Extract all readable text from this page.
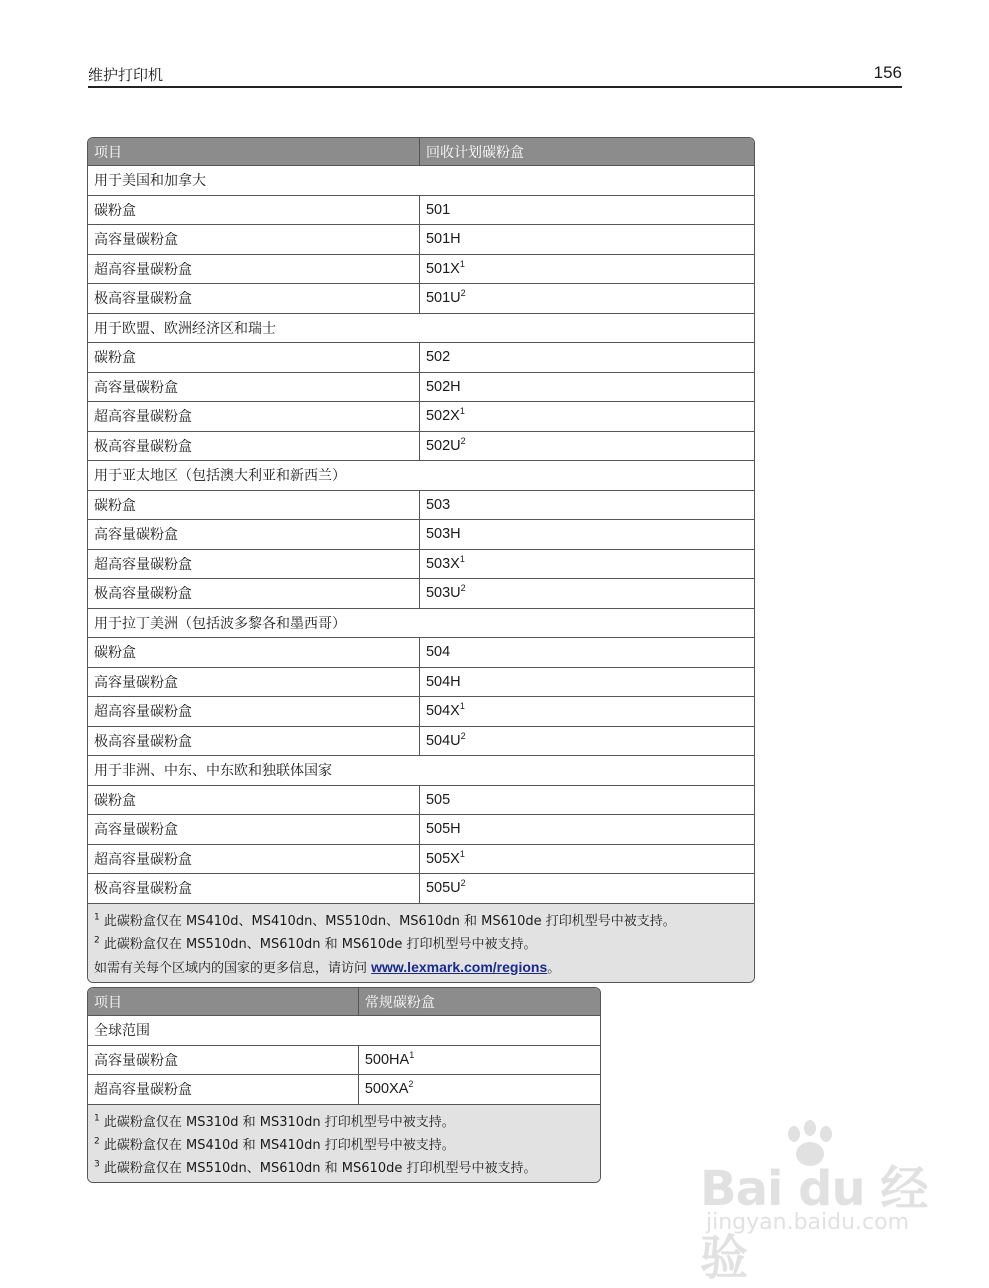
维护打印机	156
项目	回收计划碳粉盒
用于美国和加拿大	
碳粉盒	501
高容量碳粉盒	501H
超高容量碳粉盒	$501X^1$
极高容量碳粉盒	$501U^2$
用于欧盟、欧洲经济区和瑞士	
碳粉盒	502
高容量碳粉盒	502H
超高容量碳粉盒	$502X^1$
极高容量碳粉盒	$502U^2$
用于亚太地区（包括澳大利亚和新西兰）	
碳粉盒	503
高容量碳粉盒	503H
超高容量碳粉盒	$503X^1$
极高容量碳粉盒	$503U^2$
用于拉丁美洲（包括波多黎各和墨西哥）	
碳粉盒	504
高容量碳粉盒	504H
超高容量碳粉盒	$504X^1$
极高容量碳粉盒	$504U^2$
用于非洲、中东、中东欧和独联体国家	
碳粉盒	505
高容量碳粉盒	505H
超高容量碳粉盒	$505X^1$
极高容量碳粉盒	$505U^2$

$^1$ 此碳粉盒仅在 MS410d、MS410dn、MS510dn、MS610dn 和 MS610de 打印机型号中被支持。
$^2$ 此碳粉盒仅在 MS510dn、MS610dn 和 MS610de 打印机型号中被支持。
如需有关每个区域内的国家的更多信息，请访问 www.lexmark.com/regions。	
项目	常规碳粉盒
全球范围	
高容量碳粉盒	$500HA^1$
超高容量碳粉盒	$500XA^2$

$^1$ 此碳粉盒仅在 MS310d 和 MS310dn 打印机型号中被支持。
$^2$ 此碳粉盒仅在 MS410d 和 MS410dn 打印机型号中被支持。
$^3$ 此碳粉盒仅在 MS510dn、MS610dn 和 MS610de 打印机型号中被支持。		Bai du 经验
jingyan.baidu.com
